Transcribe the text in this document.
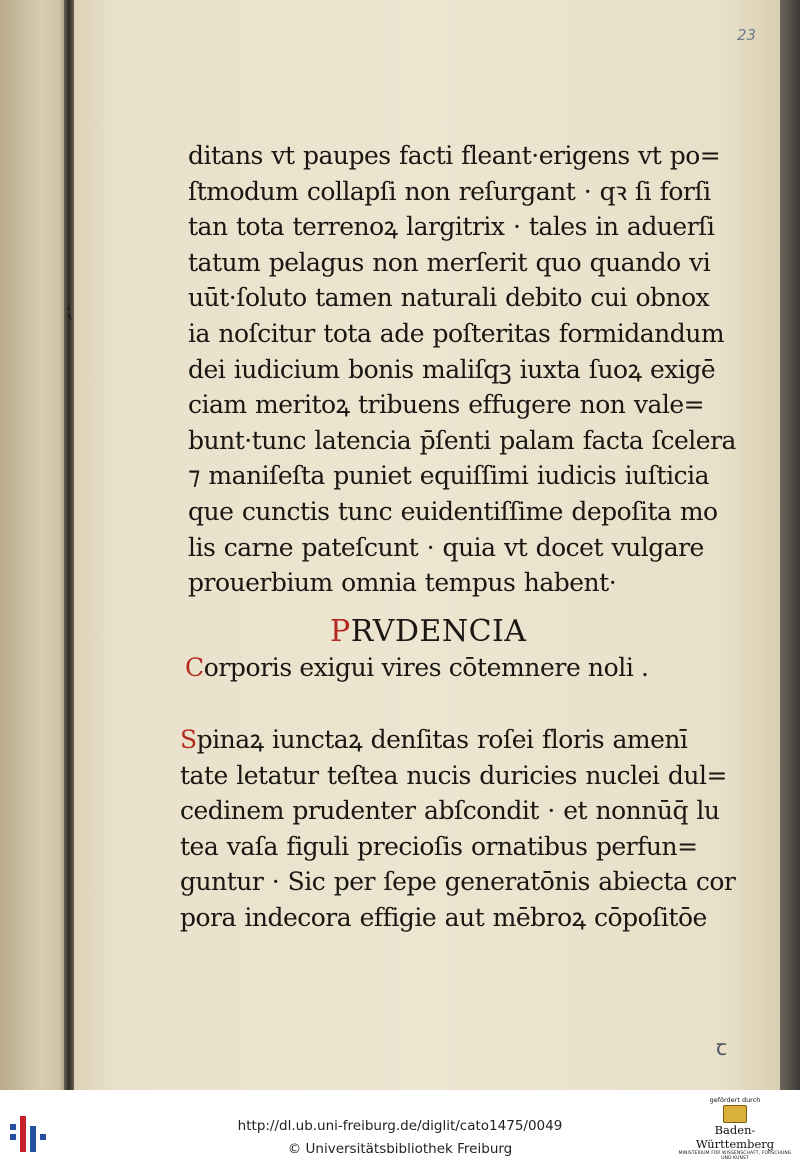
23
⁏
ꞇ
ditans vt paupes facti fleant·erigens vt po=
ſtmodum collapſi non reſurgant · qꝛ ſi forſi
tan tota terrenoꝝ largitrix · tales in aduerſi
tatum pelagus non merſerit quo quando vi
uūt·ſoluto tamen naturali debito cui obnox
ia noſcitur tota ade poſteritas formidandum
dei iudicium bonis maliſqꝫ iuxta ſuoꝝ exigē
ciam meritoꝝ tribuens effugere non vale=
bunt·tunc latencia p̄ſenti palam facta ſcelera
⁊ maniſeſta puniet equiſſimi iudicis iuſticia
que cunctis tunc euidentiſſime depoſita mo
lis carne pateſcunt · quia vt docet vulgare
prouerbium omnia tempus habent·
PRVDENCIA
Corporis exigui vires cōtemnere noli .
Spinaꝝ iunctaꝝ denſitas roſei floris amenī
tate letatur teſtea nucis duricies nuclei dul=
cedinem prudenter abſcondit · et nonnūq̄ lu
tea vaſa figuli precioſis ornatibus perfun=
guntur · Sic per ſepe generatōnis abiecta cor
pora indecora effigie aut mēbroꝝ cōpoſitōe
http://dl.ub.uni-freiburg.de/diglit/cato1475/0049
© Universitätsbibliothek Freiburg
gefördert durch
Baden-Württemberg
MINISTERIUM FÜR WISSENSCHAFT, FORSCHUNG UND KUNST
